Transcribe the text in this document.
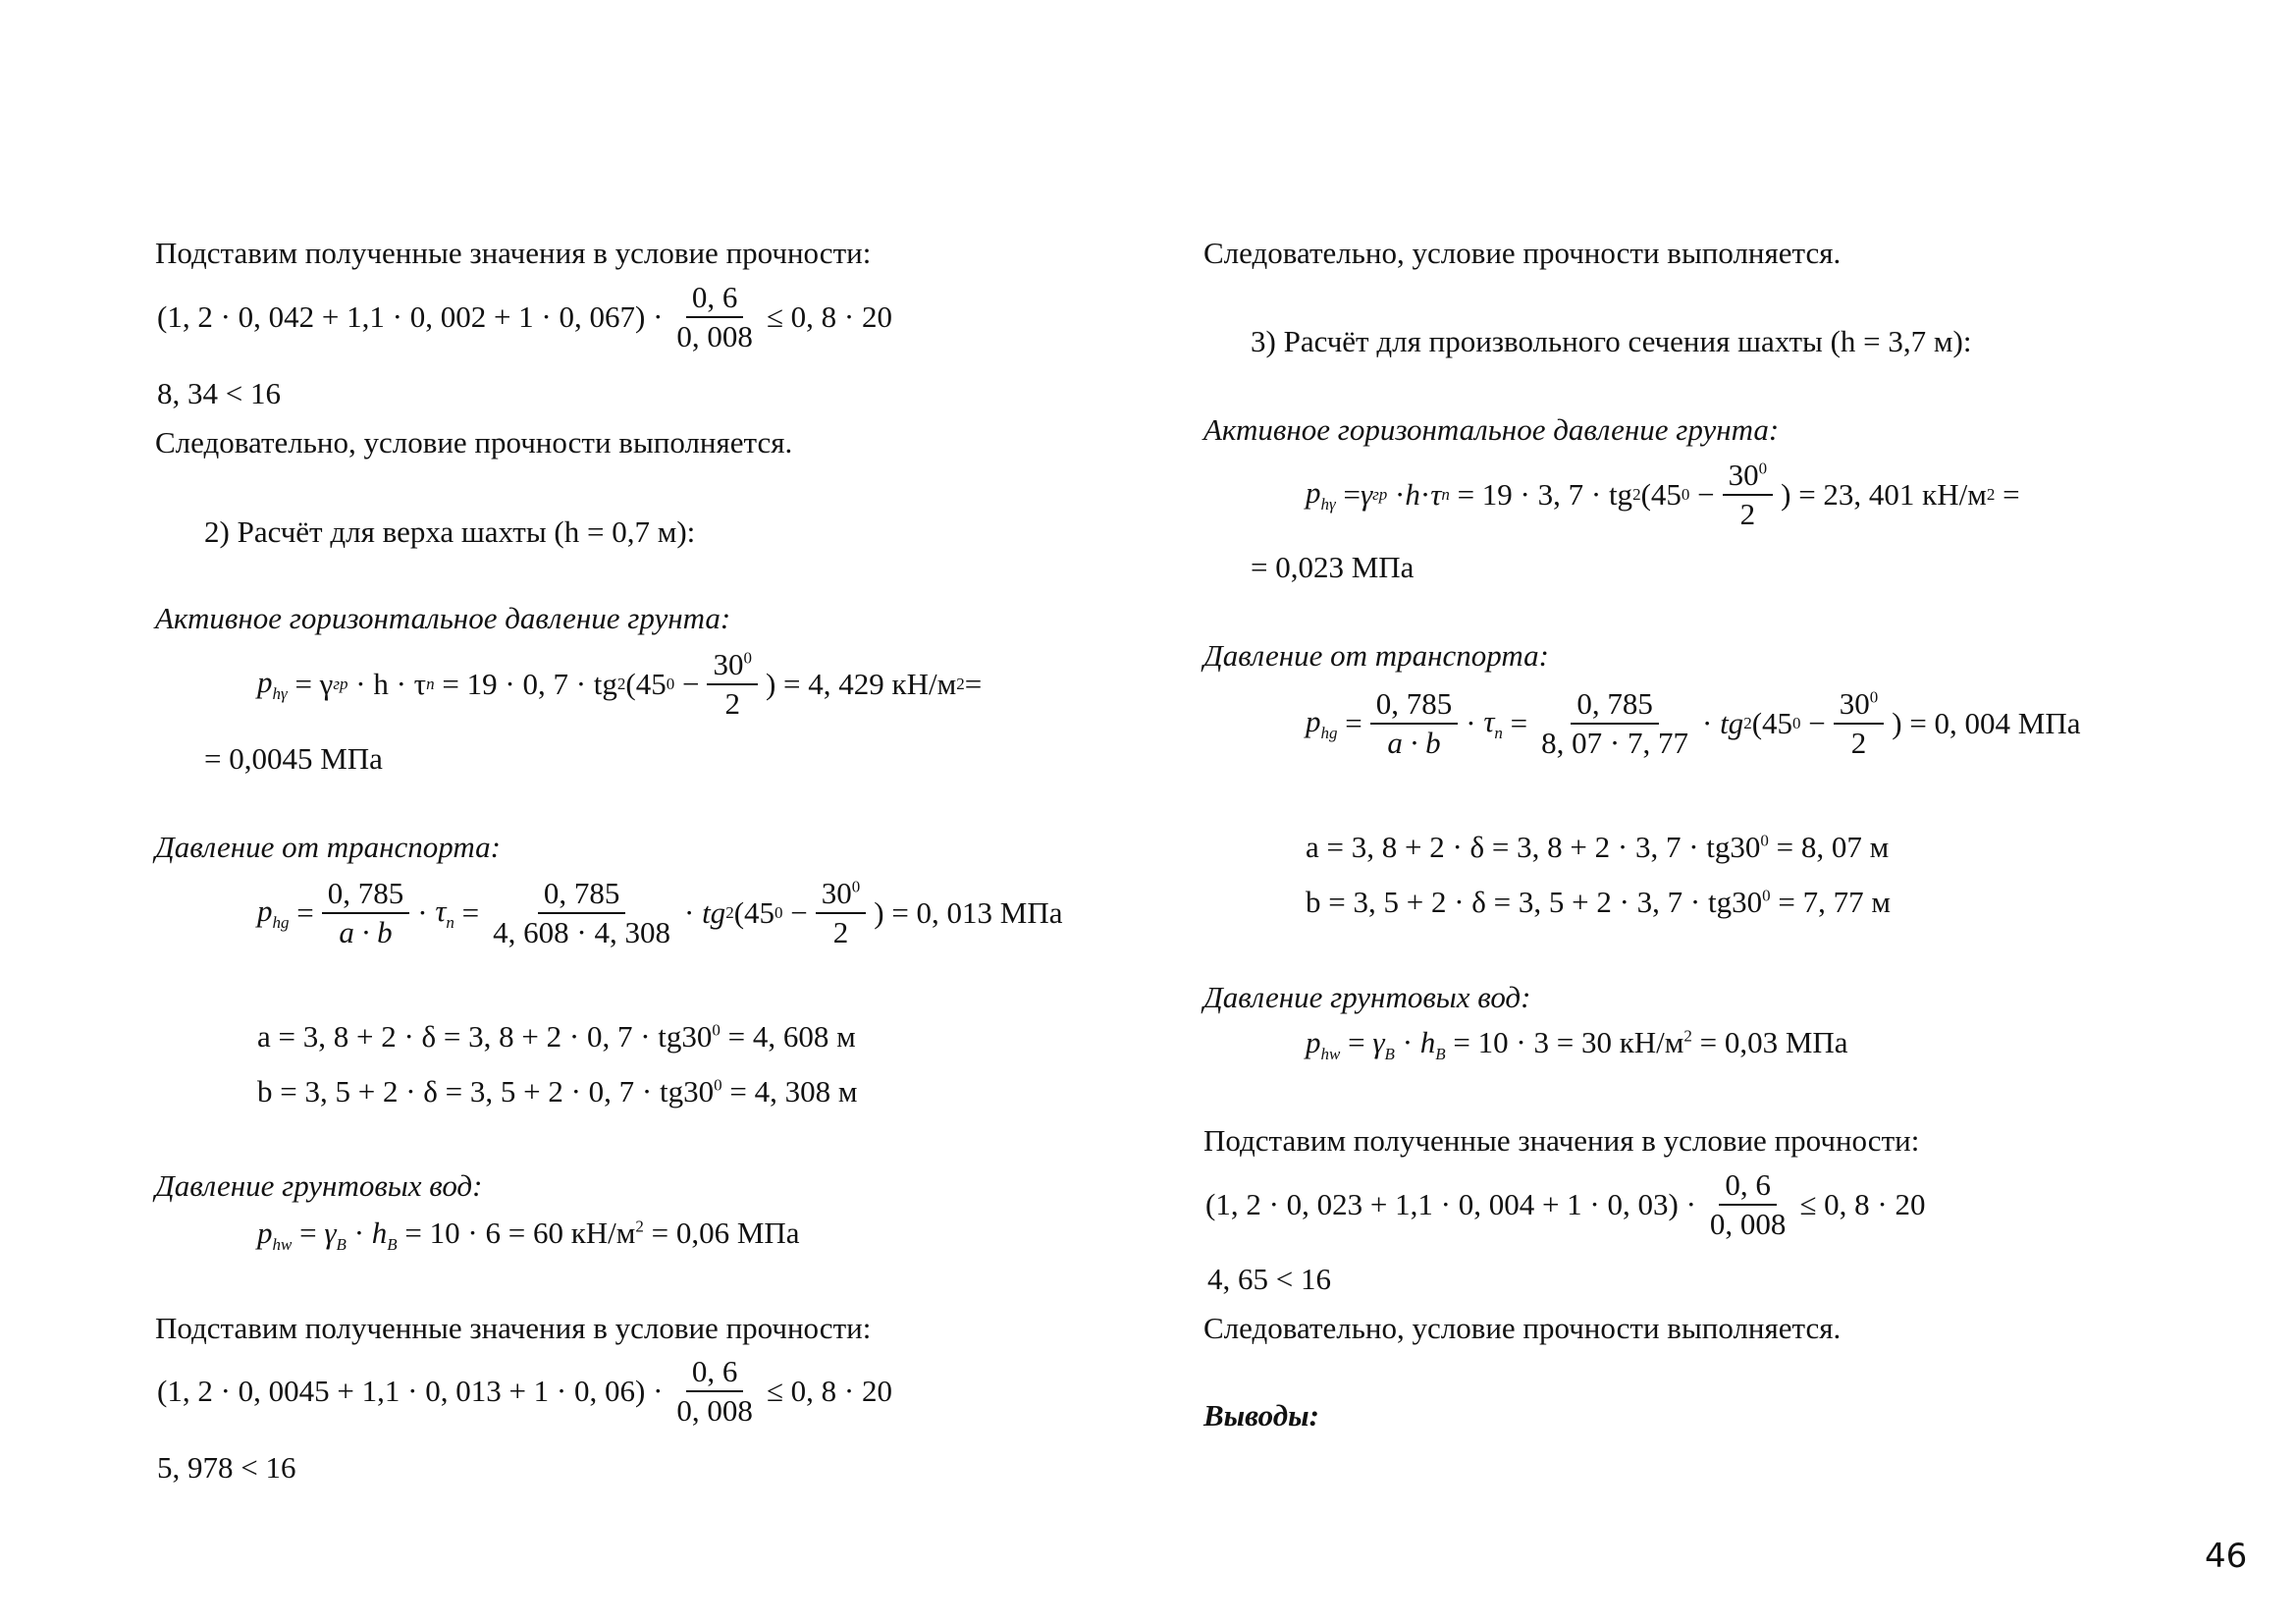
Подставим полученные значения в условие прочности:
(1, 2 · 0, 042 + 1,1 · 0, 002 + 1 · 0, $067) \cdot \frac{0, 6}{0, 008} \le 0$, 8 · 20
8, 34 < 16
Следовательно, условие прочности выполняется.
2) Расчёт для верха шахты (h = 0,7 м):
Активное горизонтальное давление грунта:
$p_{h\gamma}$
= γ гр
· h · τ n
= 19 · 0, 7 · tg 2 (45 0
− $\frac{30^0}{2}$ ) = 4, 429 кН/м 2 =
= 0,0045 МПа
Давление от транспорта:
$p_{hg} = \frac{0, 785}{a \cdot b} \cdot \tau_n = \frac{0, 785}{4, 608 \cdot 4, 308}$ · tg 2 (45 $0 - \frac{30^0}{2}$ ) = 0, 013 МПа
a = 3, 8 + 2 · δ = 3, 8 + 2 · 0, $7 \cdot tg30^0 = 4$, 608 м
b = 3, 5 + 2 · δ = 3, 5 + 2 · 0, $7 \cdot tg30^0 = 4$, 308 м
Давление грунтовых вод:
$p_{hw} = \gamma_B \cdot h_B = 10 \cdot 6 = 60$ $кН/м^2 = 0,06$ МПа
Подставим полученные значения в условие прочности:
(1, 2 · 0, 0045 + 1,1 · 0, 013 + 1 · 0, $06) \cdot \frac{0, 6}{0, 008} \le 0$, 8 · 20
5, 978 < 16
Следовательно, условие прочности выполняется.
3) Расчёт для произвольного сечения шахты (h = 3,7 м):
Активное горизонтальное давление грунта:
$p_{h\gamma} = \gamma$ гр · h · τ n
= 19 · 3, 7 · tg 2 (45 $0 - \frac{30^0}{2}$ ) = 23, 401 кН/м 2 =
= 0,023 МПа
Давление от транспорта:
$p_{hg} = \frac{0, 785}{a \cdot b} \cdot \tau_n = \frac{0, 785}{8, 07 \cdot 7, 77}$ · tg 2 (45 $0 - \frac{30^0}{2}$ ) = 0, 004 МПа
a = 3, 8 + 2 · δ = 3, 8 + 2 · 3, $7 \cdot tg30^0 = 8$, 07 м
b = 3, 5 + 2 · δ = 3, 5 + 2 · 3, $7 \cdot tg30^0 = 7$, 77 м
Давление грунтовых вод:
$p_{hw} = \gamma_B \cdot h_B = 10 \cdot 3 = 30$ $кН/м^2 = 0,03$ МПа
Подставим полученные значения в условие прочности:
(1, 2 · 0, 023 + 1,1 · 0, 004 + 1 · 0, $03) \cdot \frac{0, 6}{0, 008} \le 0$, 8 · 20
4, 65 < 16
Следовательно, условие прочности выполняется.
Выводы:
46
